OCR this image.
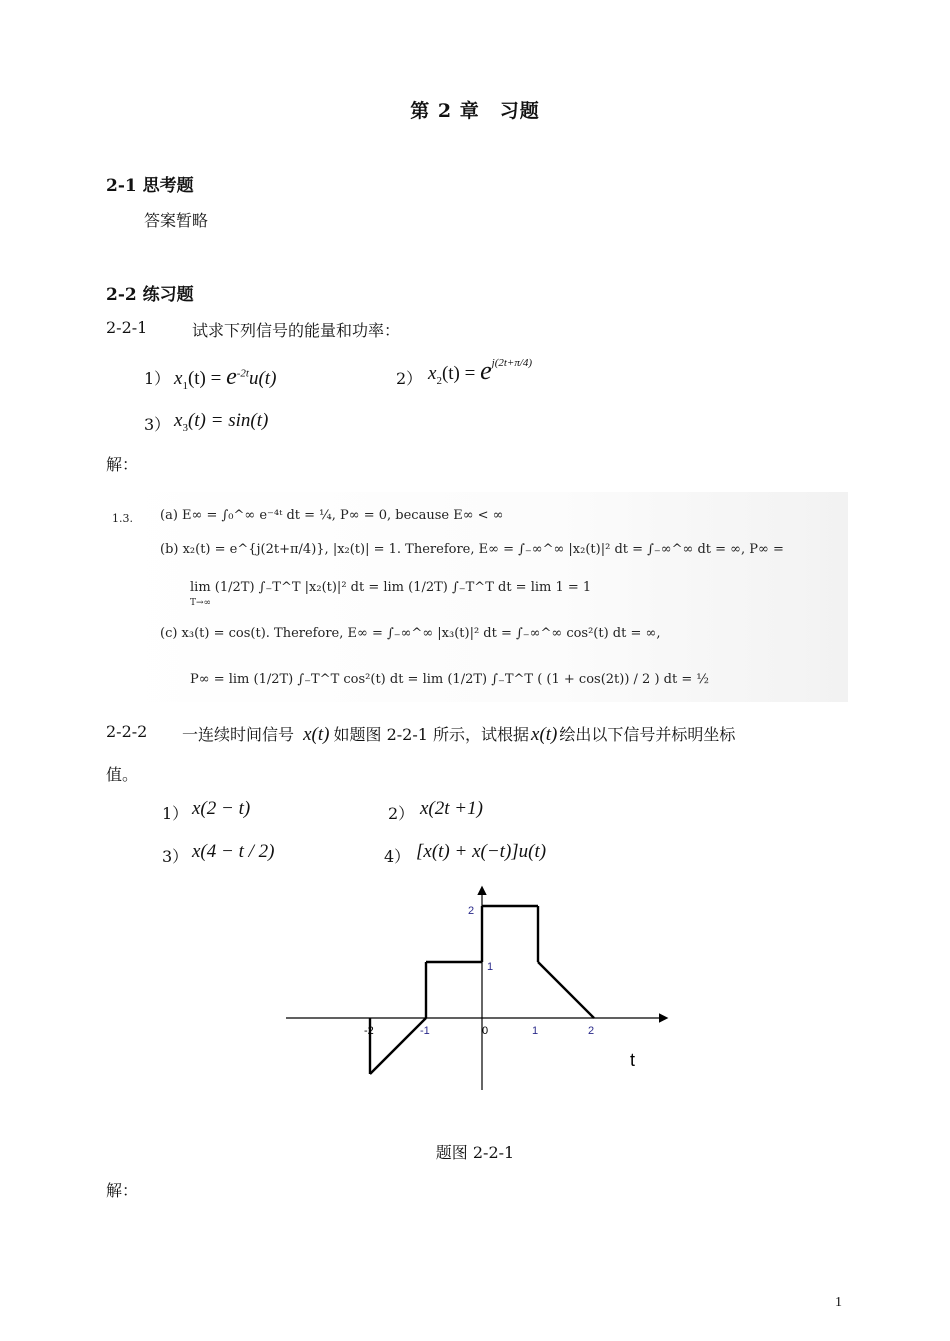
第 2 章　习题
2-1 思考题
答案暂略
2-2 练习题
2-2-1	试求下列信号的能量和功率：
1） $x_1(t) = e^{-2t}u(t)$	2） $x_2(t) = e^{j(2t+\pi/4)}$
3） $x_3(t) = \sin(t)$
解：
1.3. (a) E∞ = ∫₀^∞ e⁻⁴ᵗ dt = ¼, P∞ = 0, because E∞ < ∞
(b) x₂(t) = e^{j(2t+π/4)}, |x₂(t)| = 1. Therefore, E∞ = ∫₋∞^∞ |x₂(t)|² dt = ∫₋∞^∞ dt = ∞, P∞ =
lim (1/2T) ∫₋T^T |x₂(t)|² dt = lim (1/2T) ∫₋T^T dt = lim 1 = 1
T→∞
(c) x₃(t) = cos(t). Therefore, E∞ = ∫₋∞^∞ |x₃(t)|² dt = ∫₋∞^∞ cos²(t) dt = ∞,
P∞ = lim (1/2T) ∫₋T^T cos²(t) dt = lim (1/2T) ∫₋T^T ( (1 + cos(2t)) / 2 ) dt = ½
2-2-2 一连续时间信号 x(t) 如题图 2-2-1 所示，试根据 x(t) 绘出以下信号并标明坐标
值。
1） x(2 − t)	2） x(2t +1)
3） x(4 − t / 2)	4） [x(t) + x(−t)]u(t)
-2	-1	0	1	2
1
2
t
题图 2-2-1
解：
1
